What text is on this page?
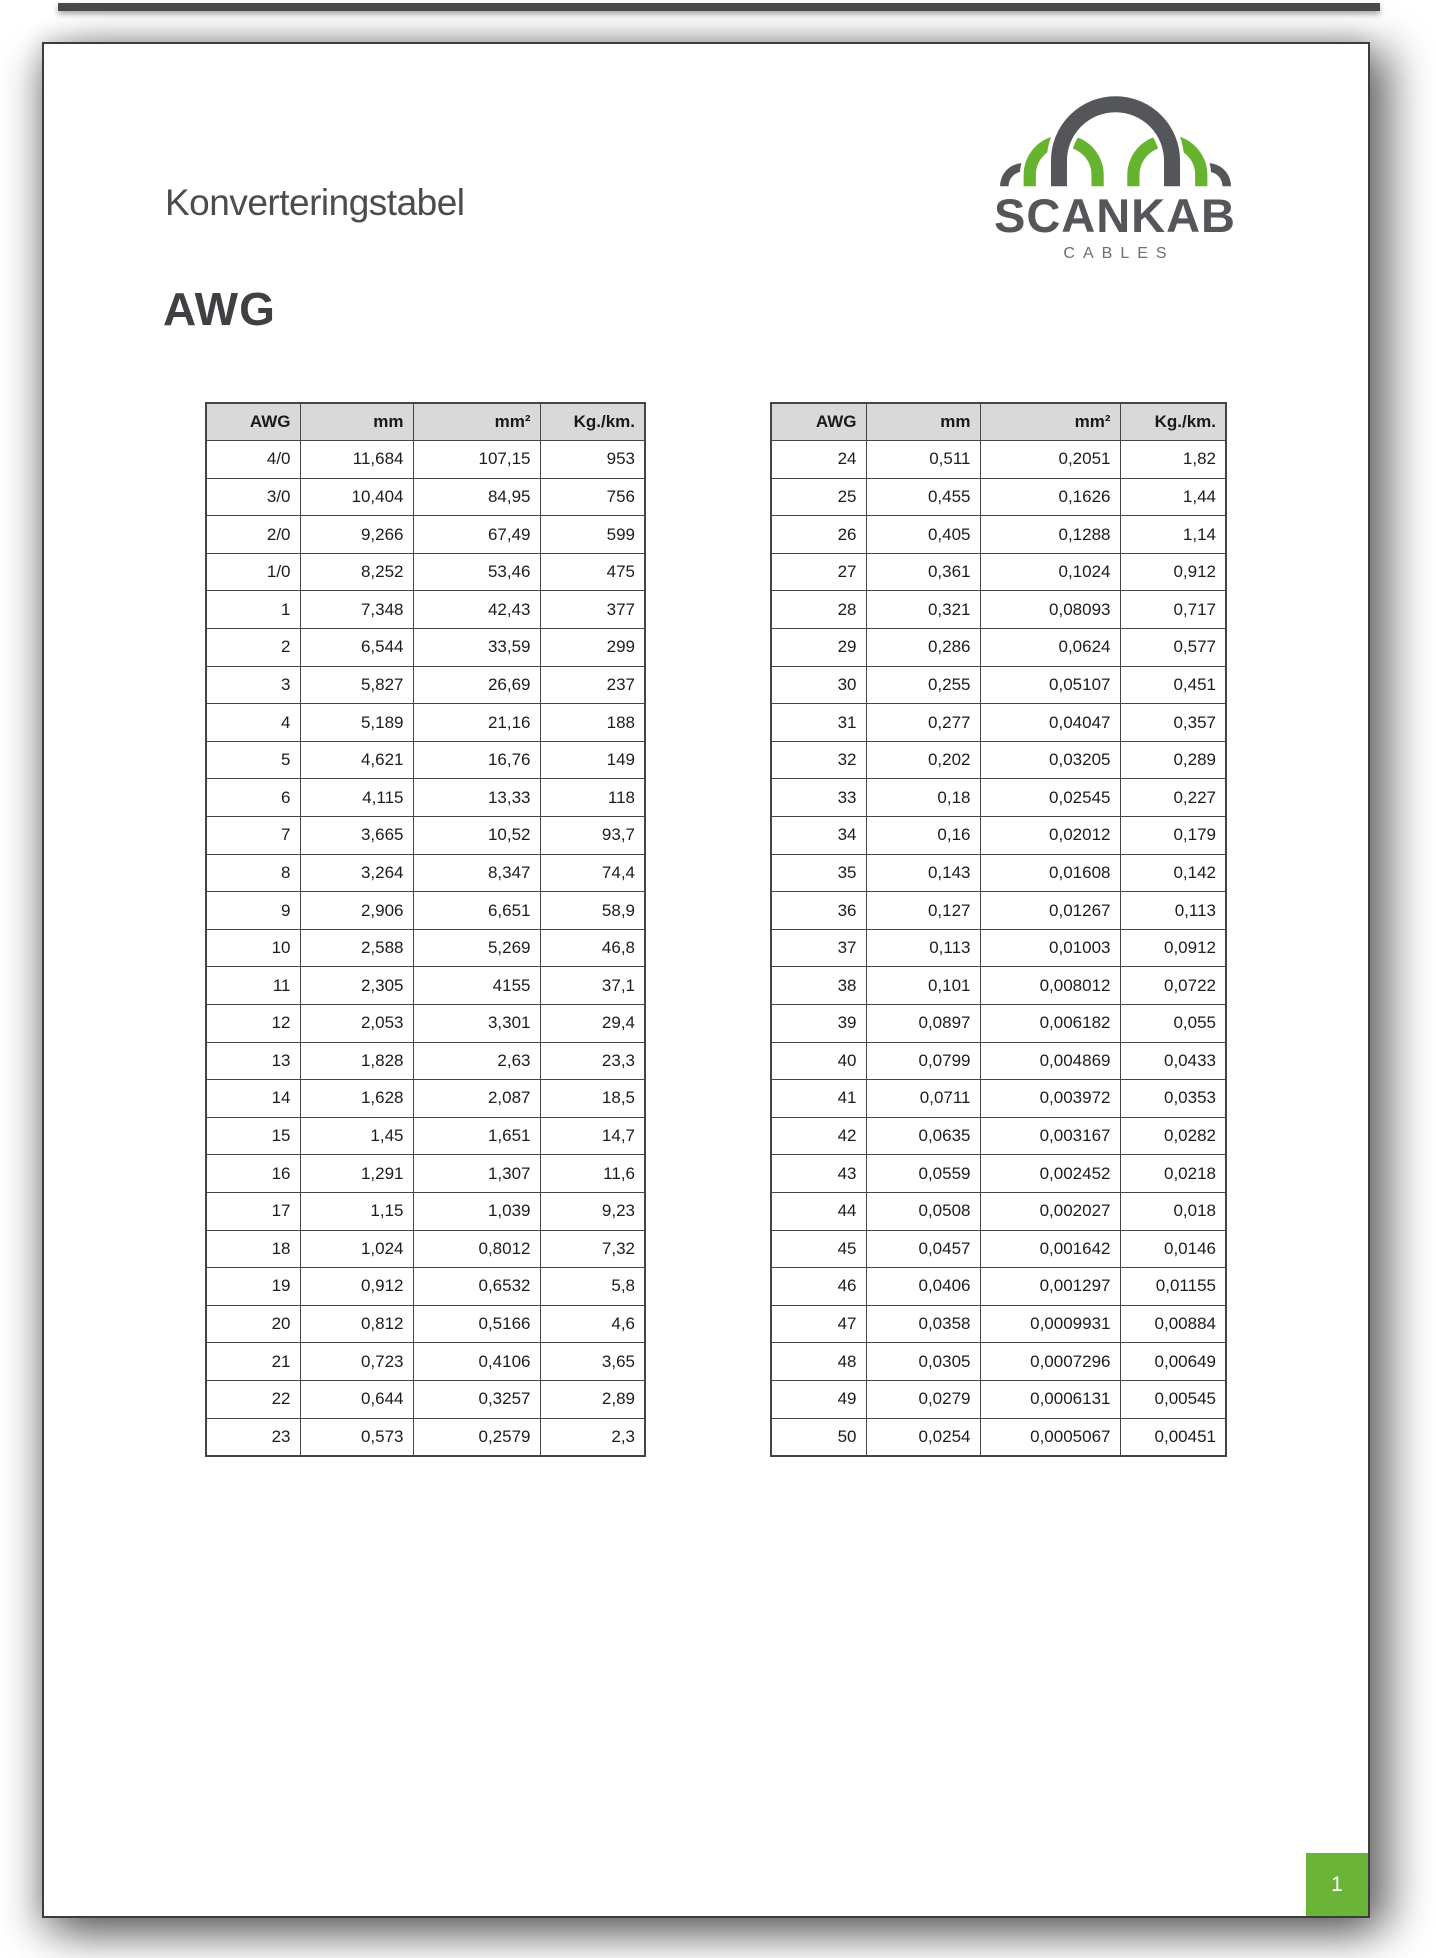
Konverteringstabel	SCANKAB
CABLES
AWG
AWG	mm	mm²	Kg./km.
4/0	11,684	107,15	953
3/0	10,404	84,95	756
2/0	9,266	67,49	599
1/0	8,252	53,46	475
1	7,348	42,43	377
2	6,544	33,59	299
3	5,827	26,69	237
4	5,189	21,16	188
5	4,621	16,76	149
6	4,115	13,33	118
7	3,665	10,52	93,7
8	3,264	8,347	74,4
9	2,906	6,651	58,9
10	2,588	5,269	46,8
11	2,305	4155	37,1
12	2,053	3,301	29,4
13	1,828	2,63	23,3
14	1,628	2,087	18,5
15	1,45	1,651	14,7
16	1,291	1,307	11,6
17	1,15	1,039	9,23
18	1,024	0,8012	7,32
19	0,912	0,6532	5,8
20	0,812	0,5166	4,6
21	0,723	0,4106	3,65
22	0,644	0,3257	2,89
23	0,573	0,2579	2,3
AWG	mm	mm²	Kg./km.
24	0,511	0,2051	1,82
25	0,455	0,1626	1,44
26	0,405	0,1288	1,14
27	0,361	0,1024	0,912
28	0,321	0,08093	0,717
29	0,286	0,0624	0,577
30	0,255	0,05107	0,451
31	0,277	0,04047	0,357
32	0,202	0,03205	0,289
33	0,18	0,02545	0,227
34	0,16	0,02012	0,179
35	0,143	0,01608	0,142
36	0,127	0,01267	0,113
37	0,113	0,01003	0,0912
38	0,101	0,008012	0,0722
39	0,0897	0,006182	0,055
40	0,0799	0,004869	0,0433
41	0,0711	0,003972	0,0353
42	0,0635	0,003167	0,0282
43	0,0559	0,002452	0,0218
44	0,0508	0,002027	0,018
45	0,0457	0,001642	0,0146
46	0,0406	0,001297	0,01155
47	0,0358	0,0009931	0,00884
48	0,0305	0,0007296	0,00649
49	0,0279	0,0006131	0,00545
50	0,0254	0,0005067	0,00451
1
